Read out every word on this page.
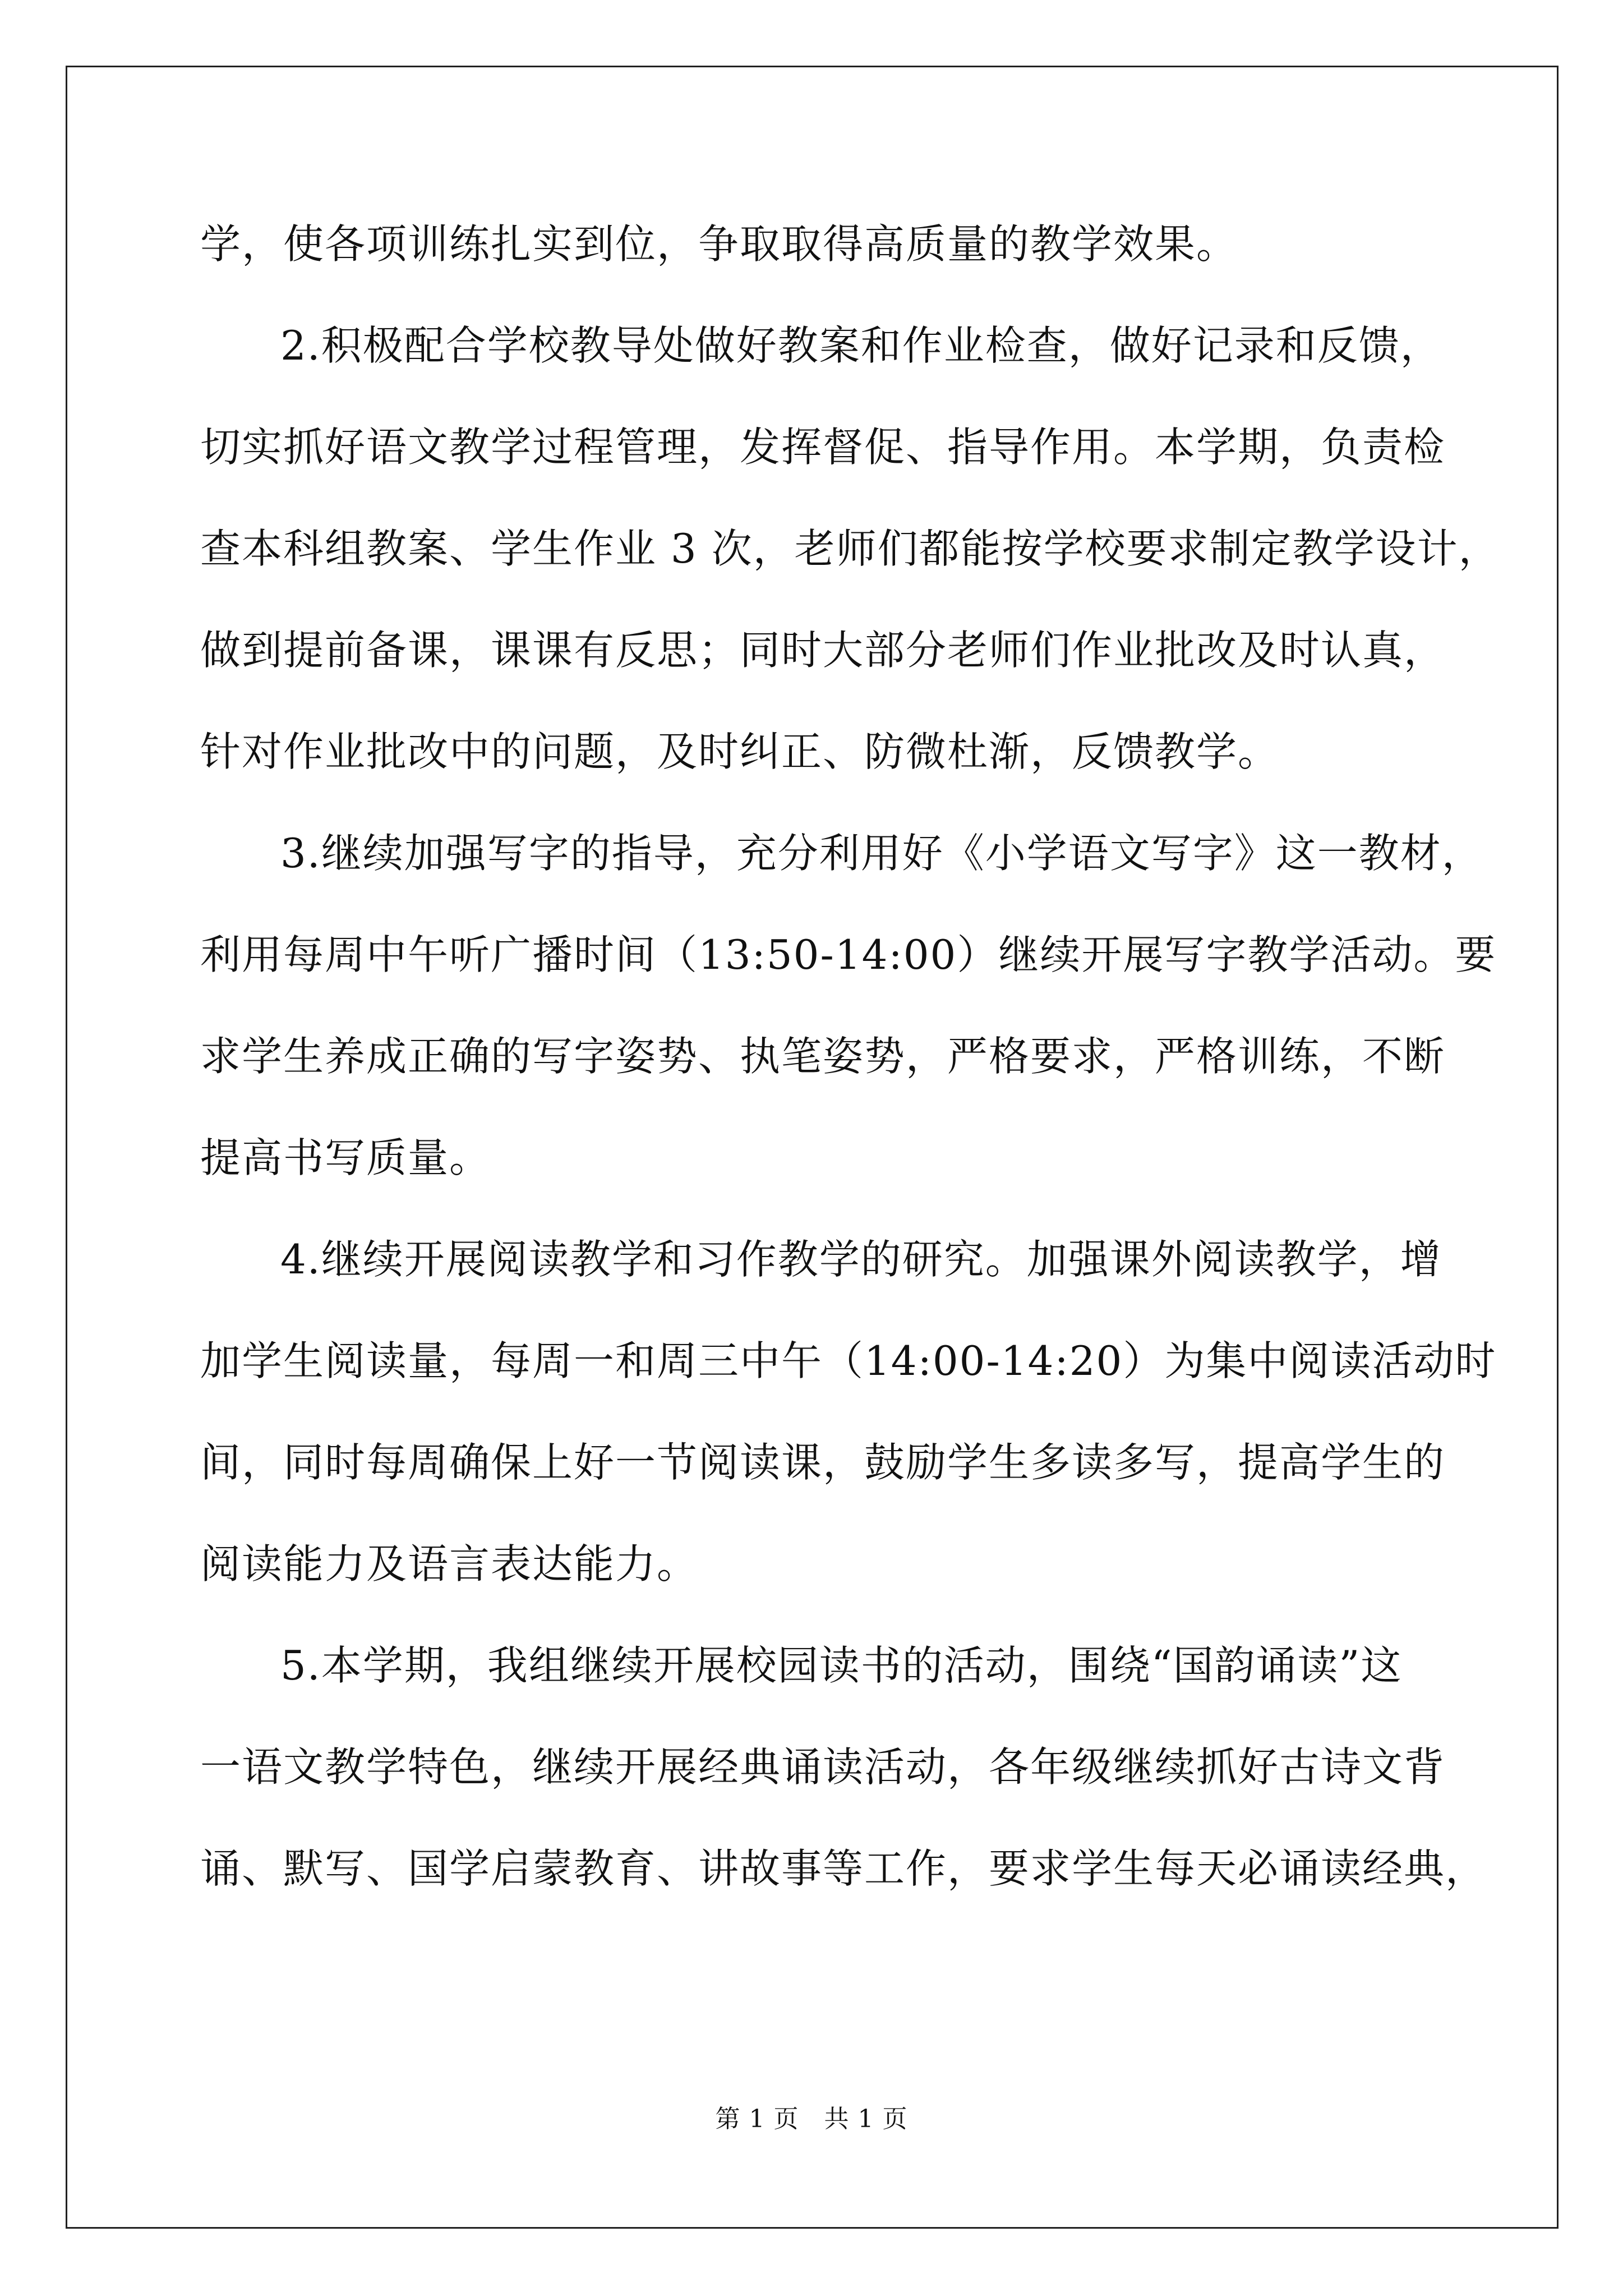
学，使各项训练扎实到位，争取取得高质量的教学效果。
2.积极配合学校教导处做好教案和作业检查，做好记录和反馈，
切实抓好语文教学过程管理，发挥督促、指导作用。本学期，负责检
查本科组教案、学生作业 3 次，老师们都能按学校要求制定教学设计，
做到提前备课，课课有反思；同时大部分老师们作业批改及时认真，
针对作业批改中的问题，及时纠正、防微杜渐，反馈教学。
3.继续加强写字的指导，充分利用好《小学语文写字》这一教材，
利用每周中午听广播时间（13:50-14:00）继续开展写字教学活动。要
求学生养成正确的写字姿势、执笔姿势，严格要求，严格训练，不断
提高书写质量。
4.继续开展阅读教学和习作教学的研究。加强课外阅读教学，增
加学生阅读量，每周一和周三中午（14:00-14:20）为集中阅读活动时
间，同时每周确保上好一节阅读课，鼓励学生多读多写，提高学生的
阅读能力及语言表达能力。
5.本学期，我组继续开展校园读书的活动，围绕“国韵诵读”这
一语文教学特色，继续开展经典诵读活动，各年级继续抓好古诗文背
诵、默写、国学启蒙教育、讲故事等工作，要求学生每天必诵读经典，
第 1 页　共 1 页
